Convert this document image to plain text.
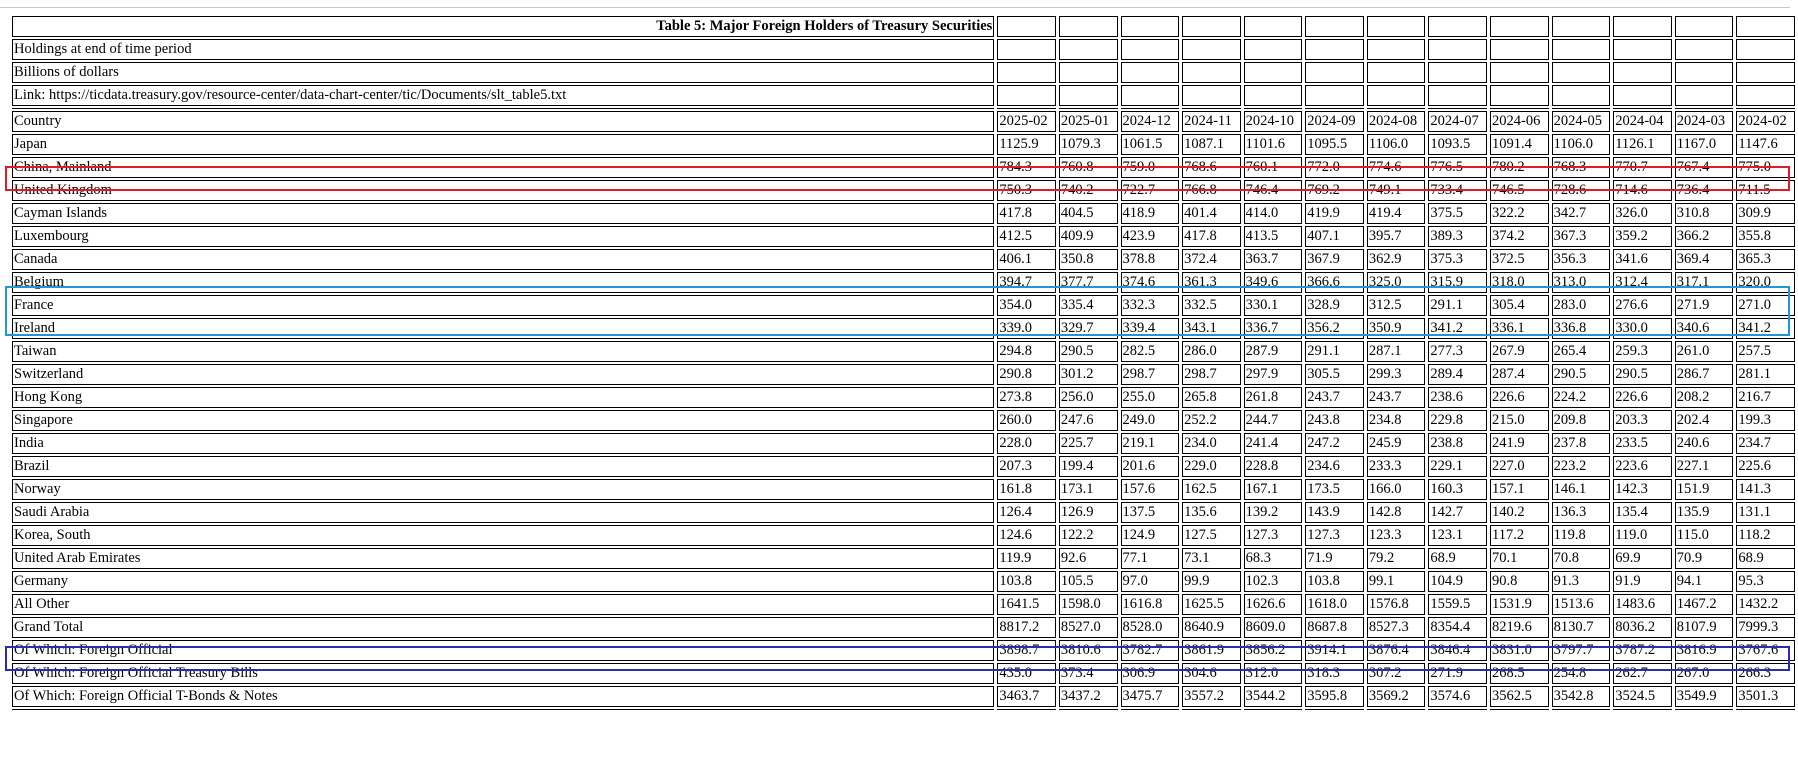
Table 5: Major Foreign Holders of Treasury Securities													
Holdings at end of time period													
Billions of dollars													
Link: https://ticdata.treasury.gov/resource-center/data-chart-center/tic/Documents/slt_table5.txt													

Country	2025-02	2025-01	2024-12	2024-11	2024-10	2024-09	2024-08	2024-07	2024-06	2024-05	2024-04	2024-03	2024-02
Japan	1125.9	1079.3	1061.5	1087.1	1101.6	1095.5	1106.0	1093.5	1091.4	1106.0	1126.1	1167.0	1147.6
China, Mainland	784.3	760.8	759.0	768.6	760.1	772.0	774.6	776.5	780.2	768.3	770.7	767.4	775.0
United Kingdom	750.3	740.2	722.7	766.8	746.4	769.2	749.1	733.4	746.5	728.6	714.6	736.4	711.5
Cayman Islands	417.8	404.5	418.9	401.4	414.0	419.9	419.4	375.5	322.2	342.7	326.0	310.8	309.9
Luxembourg	412.5	409.9	423.9	417.8	413.5	407.1	395.7	389.3	374.2	367.3	359.2	366.2	355.8
Canada	406.1	350.8	378.8	372.4	363.7	367.9	362.9	375.3	372.5	356.3	341.6	369.4	365.3
Belgium	394.7	377.7	374.6	361.3	349.6	366.6	325.0	315.9	318.0	313.0	312.4	317.1	320.0
France	354.0	335.4	332.3	332.5	330.1	328.9	312.5	291.1	305.4	283.0	276.6	271.9	271.0
Ireland	339.0	329.7	339.4	343.1	336.7	356.2	350.9	341.2	336.1	336.8	330.0	340.6	341.2
Taiwan	294.8	290.5	282.5	286.0	287.9	291.1	287.1	277.3	267.9	265.4	259.3	261.0	257.5
Switzerland	290.8	301.2	298.7	298.7	297.9	305.5	299.3	289.4	287.4	290.5	290.5	286.7	281.1
Hong Kong	273.8	256.0	255.0	265.8	261.8	243.7	243.7	238.6	226.6	224.2	226.6	208.2	216.7
Singapore	260.0	247.6	249.0	252.2	244.7	243.8	234.8	229.8	215.0	209.8	203.3	202.4	199.3
India	228.0	225.7	219.1	234.0	241.4	247.2	245.9	238.8	241.9	237.8	233.5	240.6	234.7
Brazil	207.3	199.4	201.6	229.0	228.8	234.6	233.3	229.1	227.0	223.2	223.6	227.1	225.6
Norway	161.8	173.1	157.6	162.5	167.1	173.5	166.0	160.3	157.1	146.1	142.3	151.9	141.3
Saudi Arabia	126.4	126.9	137.5	135.6	139.2	143.9	142.8	142.7	140.2	136.3	135.4	135.9	131.1
Korea, South	124.6	122.2	124.9	127.5	127.3	127.3	123.3	123.1	117.2	119.8	119.0	115.0	118.2
United Arab Emirates	119.9	92.6	77.1	73.1	68.3	71.9	79.2	68.9	70.1	70.8	69.9	70.9	68.9
Germany	103.8	105.5	97.0	99.9	102.3	103.8	99.1	104.9	90.8	91.3	91.9	94.1	95.3
All Other	1641.5	1598.0	1616.8	1625.5	1626.6	1618.0	1576.8	1559.5	1531.9	1513.6	1483.6	1467.2	1432.2
Grand Total	8817.2	8527.0	8528.0	8640.9	8609.0	8687.8	8527.3	8354.4	8219.6	8130.7	8036.2	8107.9	7999.3
Of Which: Foreign Official	3898.7	3810.6	3782.7	3861.9	3856.2	3914.1	3876.4	3846.4	3831.0	3797.7	3787.2	3816.9	3767.6
Of Which: Foreign Official Treasury Bills	435.0	373.4	306.9	304.6	312.0	318.3	307.2	271.9	268.5	254.8	262.7	267.0	266.3
Of Which: Foreign Official T-Bonds & Notes	3463.7	3437.2	3475.7	3557.2	3544.2	3595.8	3569.2	3574.6	3562.5	3542.8	3524.5	3549.9	3501.3
